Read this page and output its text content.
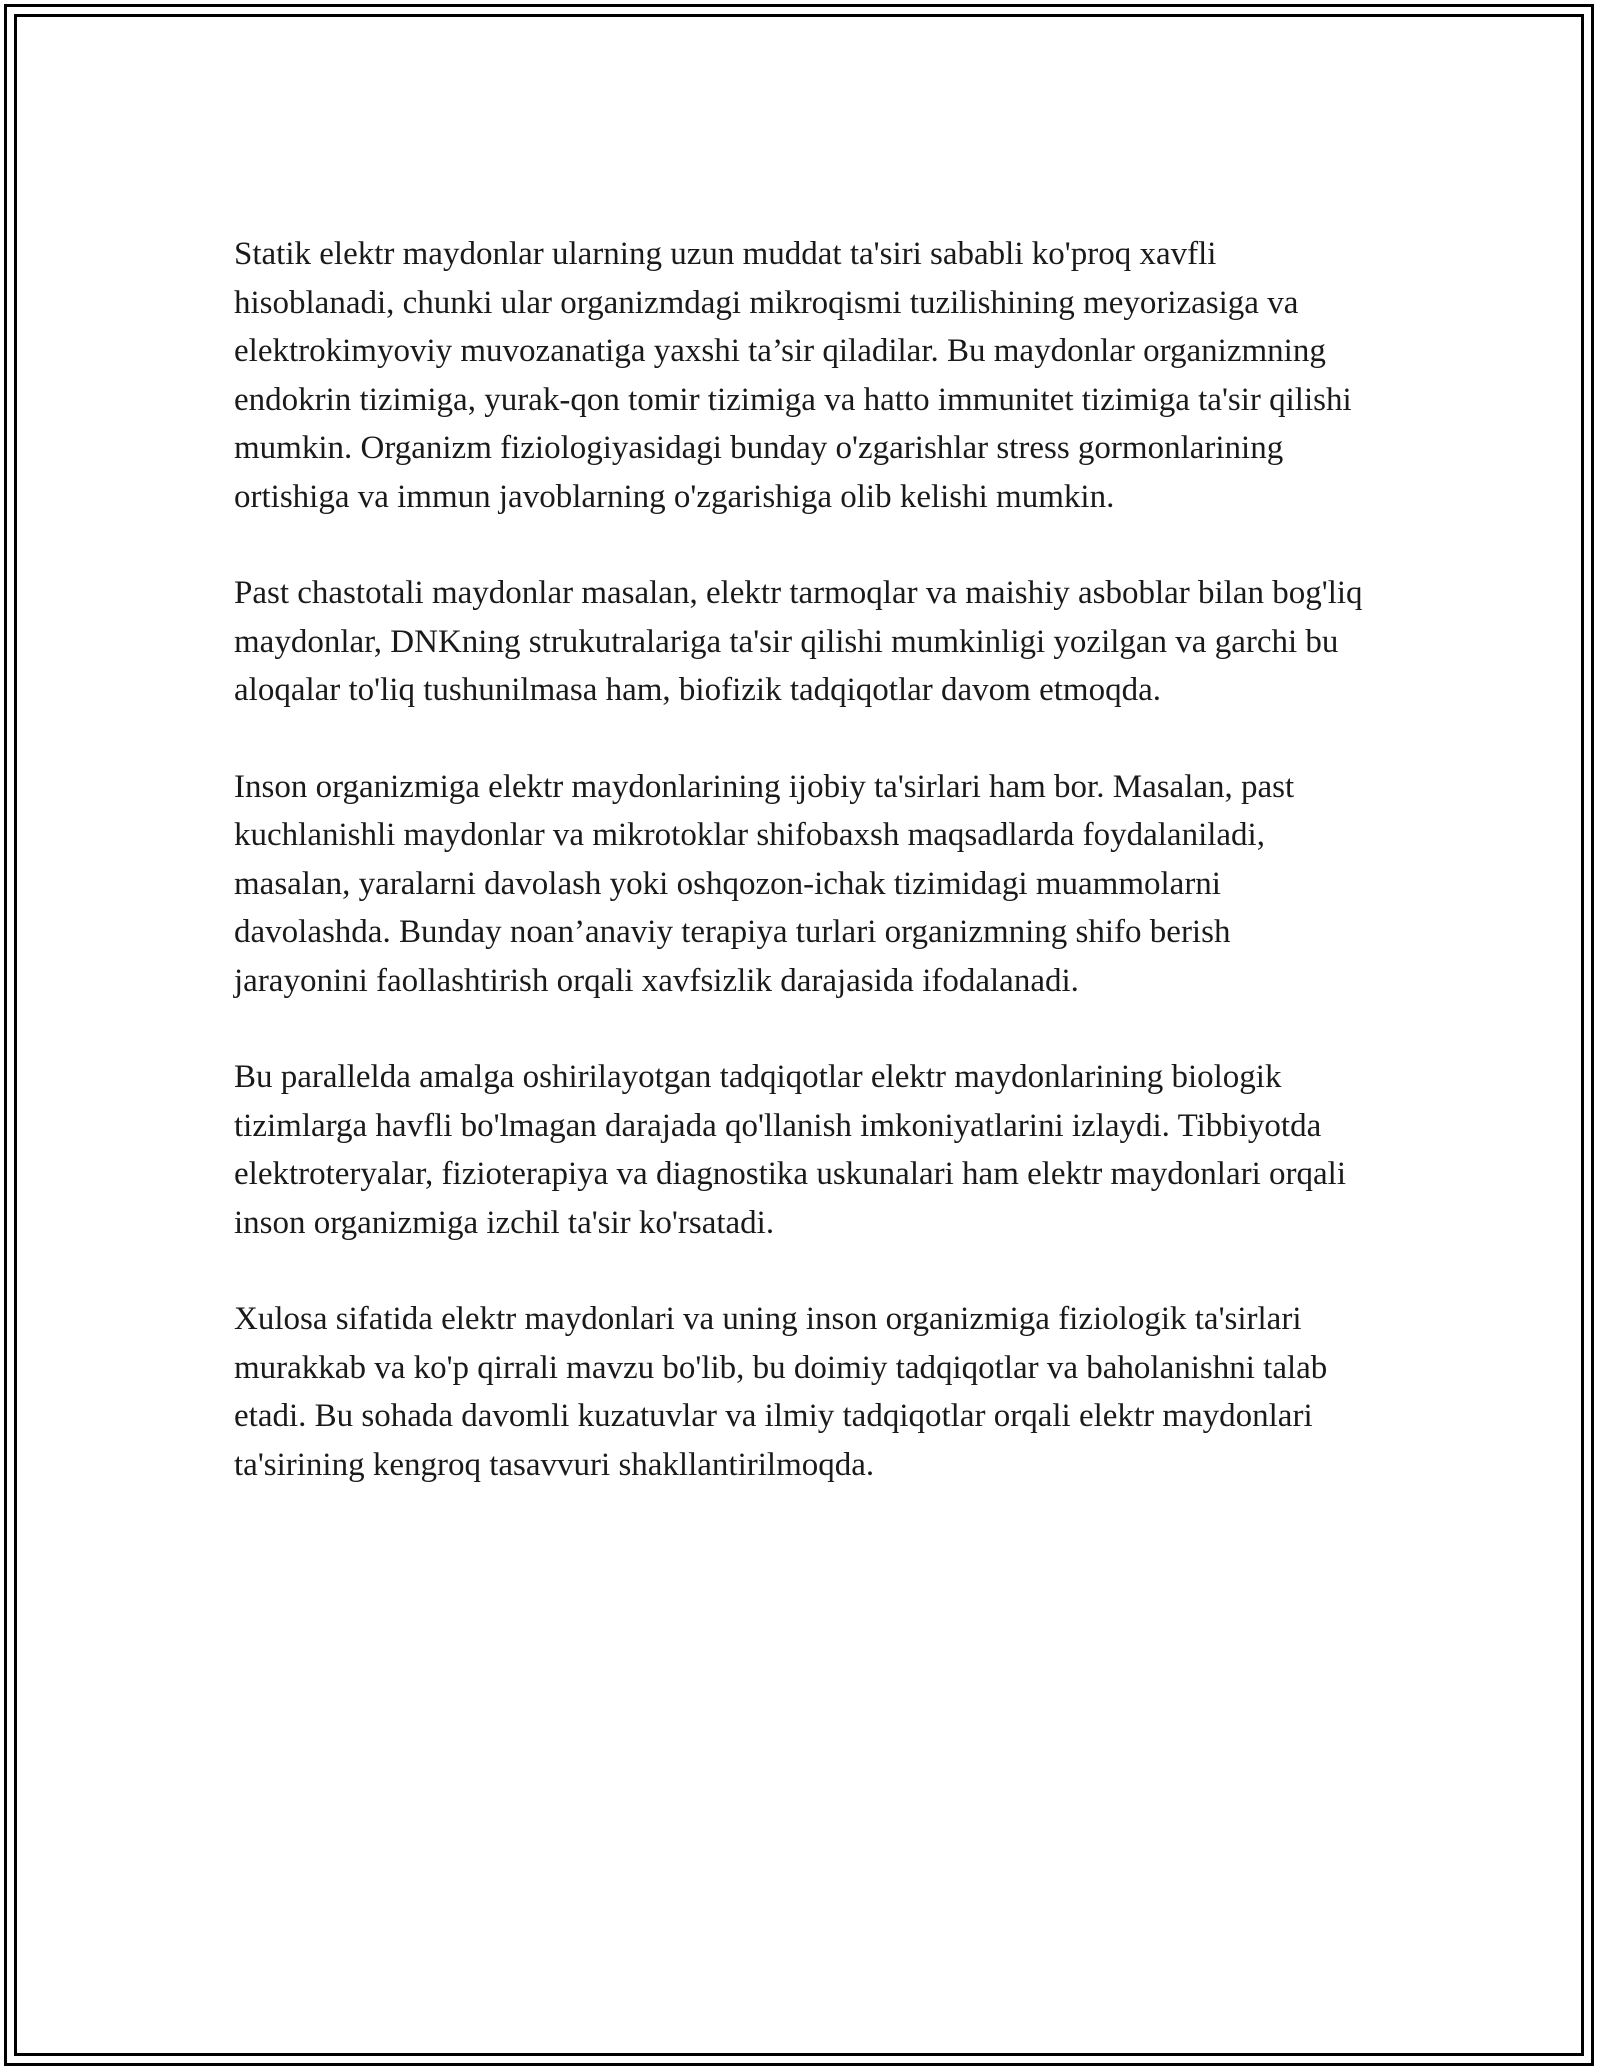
Statik elektr maydonlar ularning uzun muddat ta'siri sababli ko'proq xavfli hisoblanadi, chunki ular organizmdagi mikroqismi tuzilishining meyorizasiga va elektrokimyoviy muvozanatiga yaxshi ta’sir qiladilar. Bu maydonlar organizmning endokrin tizimiga, yurak-qon tomir tizimiga va hatto immunitet tizimiga ta'sir qilishi mumkin. Organizm fiziologiyasidagi bunday o'zgarishlar stress gormonlarining ortishiga va immun javoblarning o'zgarishiga olib kelishi mumkin.

Past chastotali maydonlar masalan, elektr tarmoqlar va maishiy asboblar bilan bog'liq maydonlar, DNKning strukutralariga ta'sir qilishi mumkinligi yozilgan va garchi bu aloqalar to'liq tushunilmasa ham, biofizik tadqiqotlar davom etmoqda.

Inson organizmiga elektr maydonlarining ijobiy ta'sirlari ham bor. Masalan, past kuchlanishli maydonlar va mikrotoklar shifobaxsh maqsadlarda foydalaniladi, masalan, yaralarni davolash yoki oshqozon-ichak tizimidagi muammolarni davolashda. Bunday noan’anaviy terapiya turlari organizmning shifo berish jarayonini faollashtirish orqali xavfsizlik darajasida ifodalanadi.

Bu parallelda amalga oshirilayotgan tadqiqotlar elektr maydonlarining biologik tizimlarga havfli bo'lmagan darajada qo'llanish imkoniyatlarini izlaydi. Tibbiyotda elektroteryalar, fizioterapiya va diagnostika uskunalari ham elektr maydonlari orqali inson organizmiga izchil ta'sir ko'rsatadi.

Xulosa sifatida elektr maydonlari va uning inson organizmiga fiziologik ta'sirlari murakkab va ko'p qirrali mavzu bo'lib, bu doimiy tadqiqotlar va baholanishni talab etadi. Bu sohada davomli kuzatuvlar va ilmiy tadqiqotlar orqali elektr maydonlari ta'sirining kengroq tasavvuri shakllantirilmoqda.
